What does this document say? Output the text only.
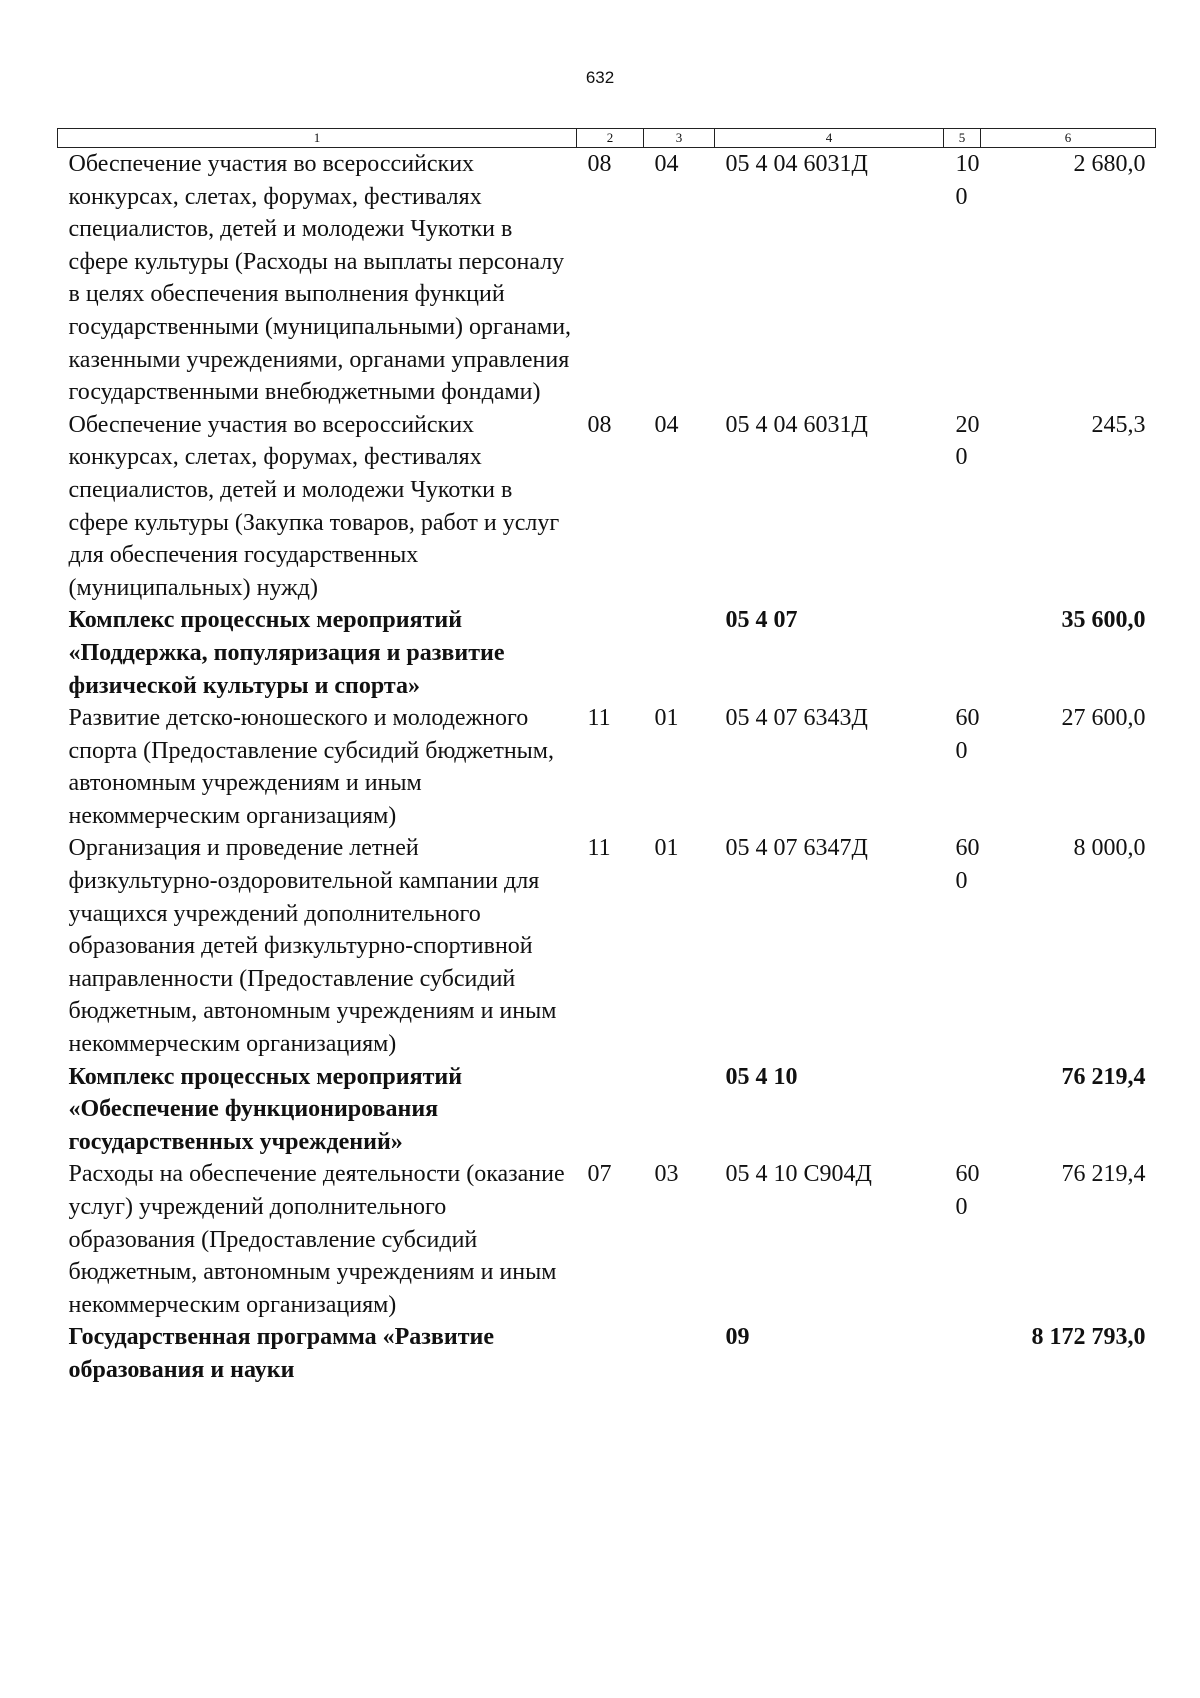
632
1	2	3	4	5	6
Обеспечение участия во всероссийских конкурсах, слетах, форумах, фестивалях специалистов, детей и молодежи Чукотки в сфере культуры (Расходы на выплаты персоналу в целях обеспечения выполнения функций государственными (муниципальными) органами, казенными учреждениями, органами управления государственными внебюджетными фондами)	08	04	05 4 04 6031Д	100	2 680,0
Обеспечение участия во всероссийских конкурсах, слетах, форумах, фестивалях специалистов, детей и молодежи Чукотки в сфере культуры (Закупка товаров, работ и услуг для обеспечения государственных (муниципальных) нужд)	08	04	05 4 04 6031Д	200	245,3
Комплекс процессных мероприятий «Поддержка, популяризация и развитие физической культуры и спорта»			05 4 07		35 600,0
Развитие детско-юношеского и молодежного спорта (Предоставление субсидий бюджетным, автономным учреждениям и иным некоммерческим организациям)	11	01	05 4 07 6343Д	600	27 600,0
Организация и проведение летней физкультурно-оздоровительной кампании для учащихся учреждений дополнительного образования детей физкультурно-спортивной направленности (Предоставление субсидий бюджетным, автономным учреждениям и иным некоммерческим организациям)	11	01	05 4 07 6347Д	600	8 000,0
Комплекс процессных мероприятий «Обеспечение функционирования государственных учреждений»			05 4 10		76 219,4
Расходы на обеспечение деятельности (оказание услуг) учреждений дополнительного образования (Предоставление субсидий бюджетным, автономным учреждениям и иным некоммерческим организациям)	07	03	05 4 10 С904Д	600	76 219,4
Государственная программа «Развитие образования и науки			09		8 172 793,0
